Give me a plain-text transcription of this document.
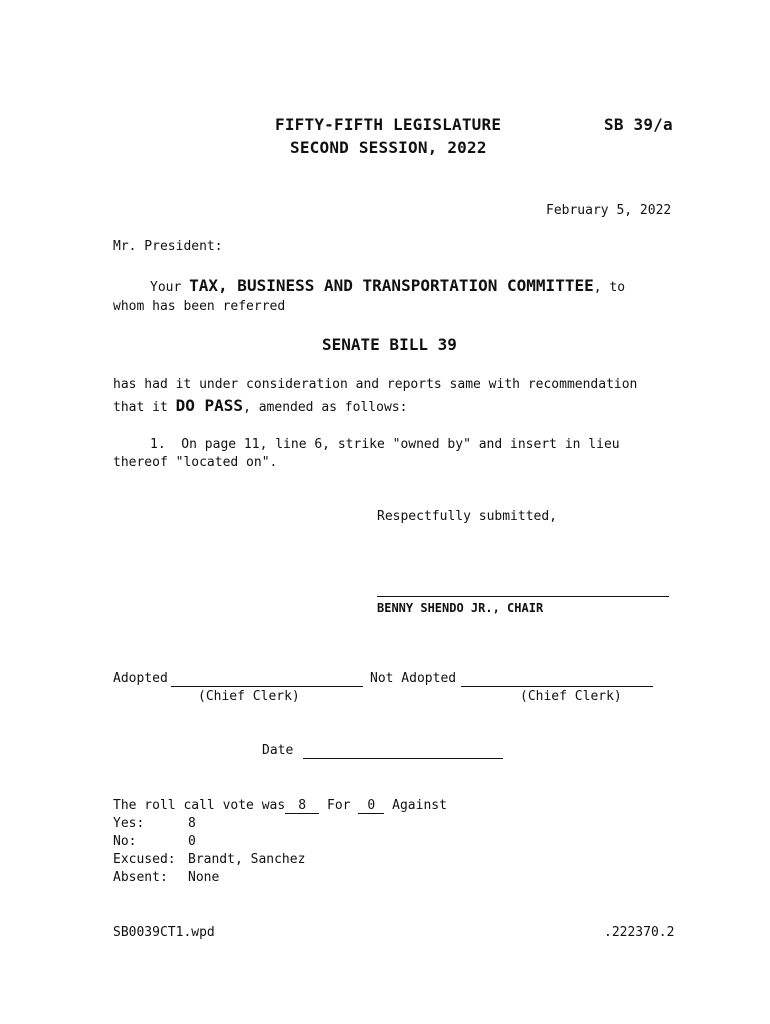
FIFTY-FIFTH LEGISLATURE
SECOND SESSION, 2022
SB 39/a
February 5, 2022
Mr. President:
Your TAX, BUSINESS AND TRANSPORTATION COMMITTEE, to
whom has been referred
SENATE BILL 39
has had it under consideration and reports same with recommendation
that it DO PASS, amended as follows:
1.  On page 11, line 6, strike "owned by" and insert in lieu
thereof "located on".
Respectfully submitted,
BENNY SHENDO JR., CHAIR
Adopted	Not Adopted
(Chief Clerk)	(Chief Clerk)
Date
The roll call vote was 8 For 0 Against
Yes:	8
No:	0
Excused: Brandt, Sanchez
Absent: None
SB0039CT1.wpd	.222370.2
